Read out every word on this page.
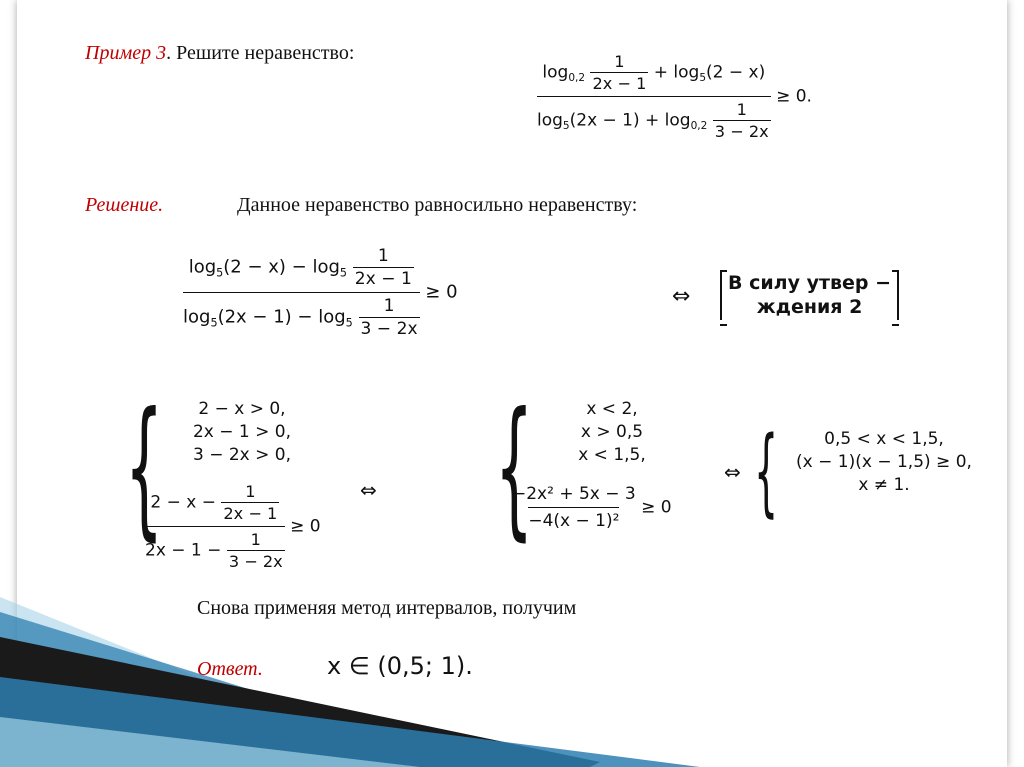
Пример 3. Решите неравенство:	$\frac{\log_{0,2} \frac{1}{2x - 1} + \log_5(2 - x)}{\log_5(2x - 1) + \log_{0,2} \frac{1}{3 - 2x}} \ge 0$.
Решение.	Данное неравенство равносильно неравенству:
$\frac{\log_5(2 - x) - \log_5 \frac{1}{2x - 1}}{\log_5(2x - 1) - \log_5 \frac{1}{3 - 2x}} \ge 0$	⇔
В силу утвер −
ждения 2
{ 2 − x > 0,
2x − 1 > 0,
3 − 2x > 0,
$\frac{2 - x - \frac{1}{2x - 1}}{2x - 1 - \frac{1}{3 - 2x}} \ge 0$
⇔ {	x < 2,
x > 0,5
x < 1,5,
$\frac{\text{−2x² + 5x − 3}}{\text{−4(x − 1)²}} \ge 0$
⇔ {	0,5 < x < 1,5,
(x − 1)(x − 1,5) ≥ 0,
x ≠ 1.
Снова применяя метод интервалов, получим
Ответ.	x ∈ (0,5; 1).
